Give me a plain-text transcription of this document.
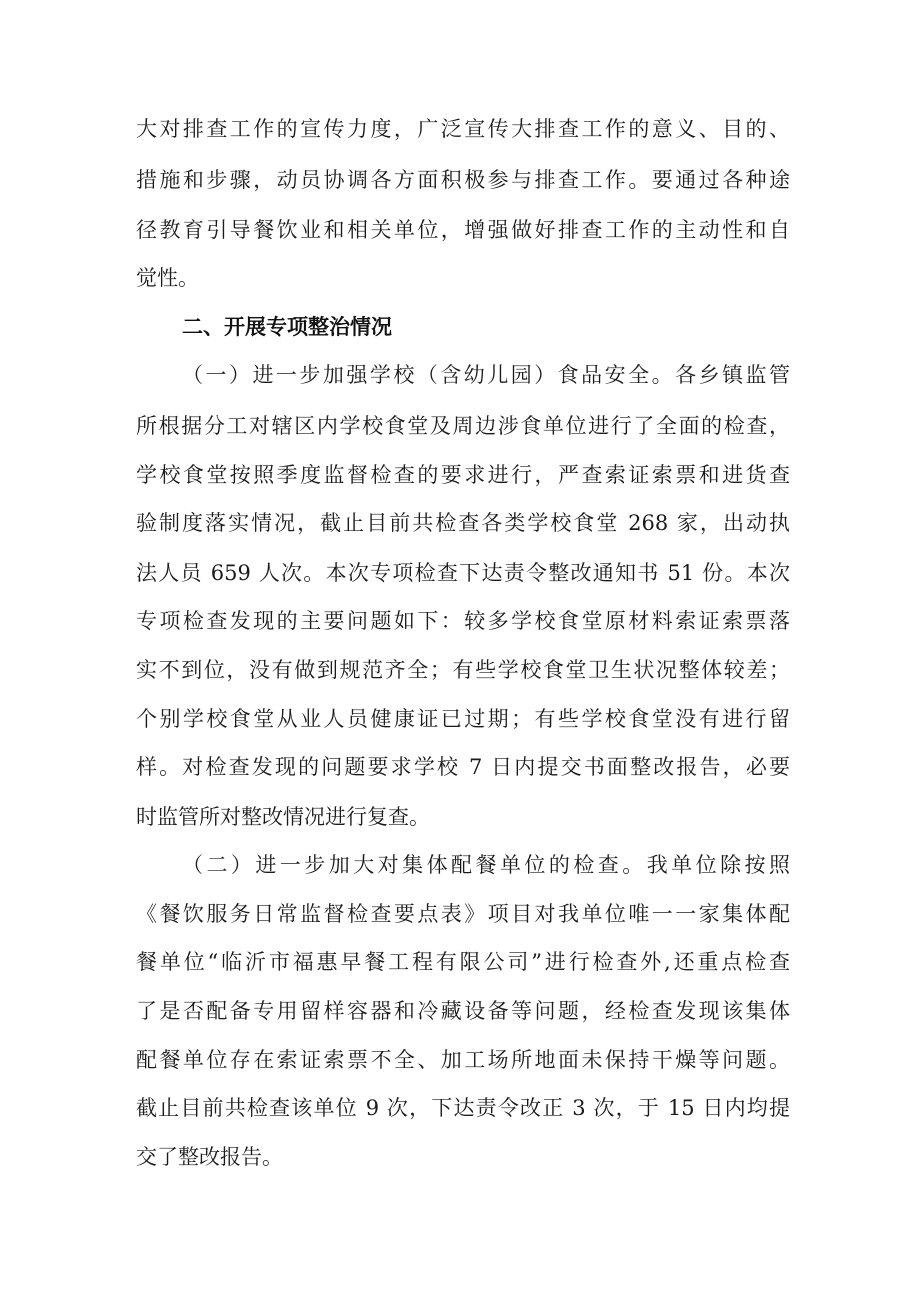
大对排查工作的宣传力度，广泛宣传大排查工作的意义、目的、
措施和步骤，动员协调各方面积极参与排查工作。要通过各种途
径教育引导餐饮业和相关单位，增强做好排查工作的主动性和自
觉性。
二、开展专项整治情况
（一）进一步加强学校（含幼儿园）食品安全。各乡镇监管
所根据分工对辖区内学校食堂及周边涉食单位进行了全面的检查，
学校食堂按照季度监督检查的要求进行，严查索证索票和进货查
验制度落实情况，截止目前共检查各类学校食堂 268 家，出动执
法人员 659 人次。本次专项检查下达责令整改通知书 51 份。本次
专项检查发现的主要问题如下：较多学校食堂原材料索证索票落
实不到位，没有做到规范齐全；有些学校食堂卫生状况整体较差；
个别学校食堂从业人员健康证已过期；有些学校食堂没有进行留
样。对检查发现的问题要求学校 7 日内提交书面整改报告，必要
时监管所对整改情况进行复查。
（二）进一步加大对集体配餐单位的检查。我单位除按照
《餐饮服务日常监督检查要点表》项目对我单位唯一一家集体配
餐单位“临沂市福惠早餐工程有限公司”进行检查外,还重点检查
了是否配备专用留样容器和冷藏设备等问题，经检查发现该集体
配餐单位存在索证索票不全、加工场所地面未保持干燥等问题。
截止目前共检查该单位 9 次，下达责令改正 3 次，于 15 日内均提
交了整改报告。
